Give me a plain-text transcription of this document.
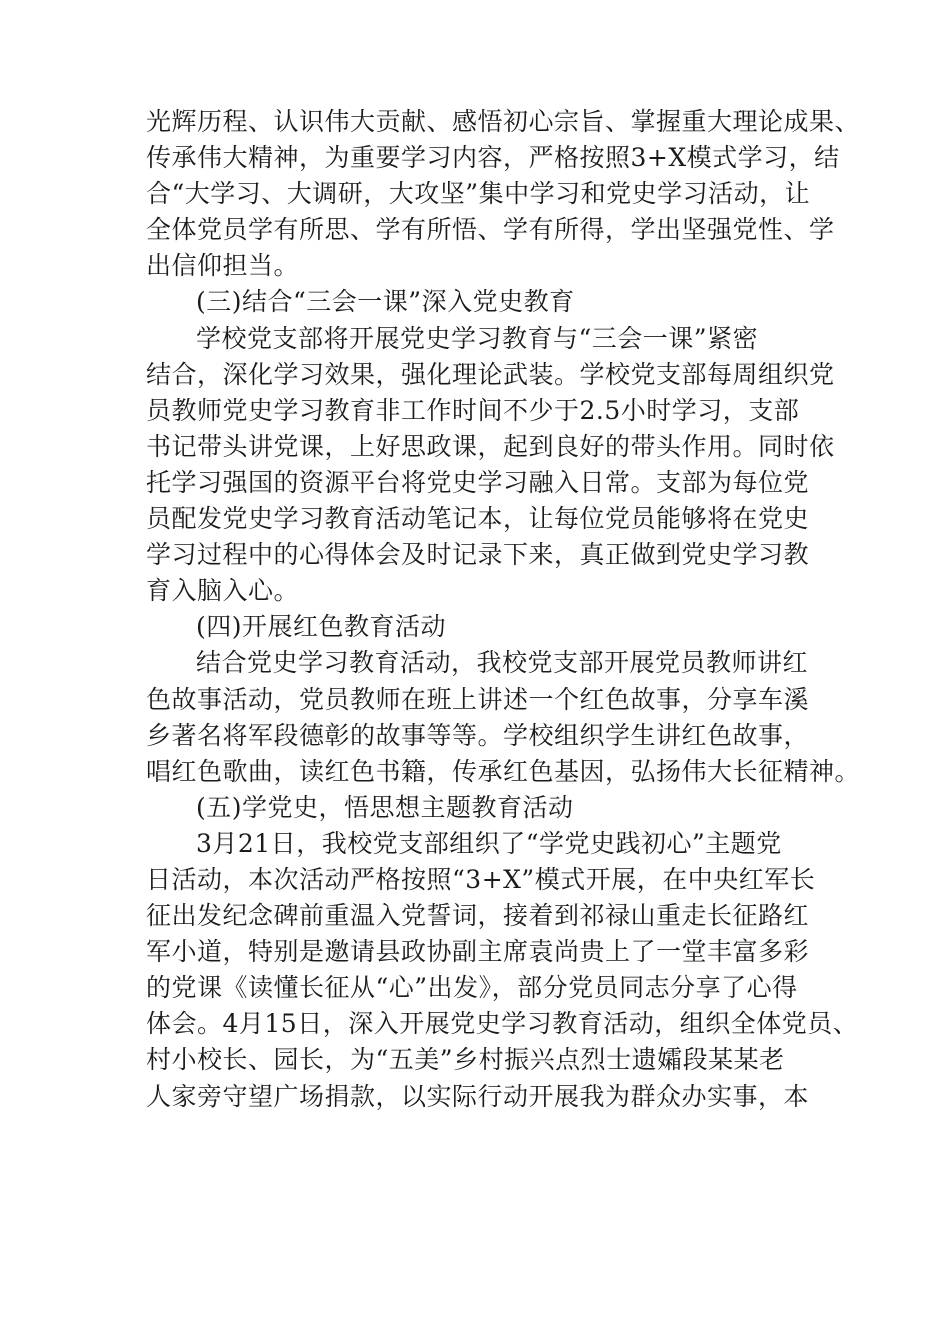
光辉历程、认识伟大贡献、感悟初心宗旨、掌握重大理论成果、
传承伟大精神，为重要学习内容，严格按照3+X模式学习，结
合“大学习、大调研，大攻坚”集中学习和党史学习活动，让
全体党员学有所思、学有所悟、学有所得，学出坚强党性、学
出信仰担当。
(三)结合“三会一课”深入党史教育
学校党支部将开展党史学习教育与“三会一课”紧密
结合，深化学习效果，强化理论武装。学校党支部每周组织党
员教师党史学习教育非工作时间不少于2.5小时学习，支部
书记带头讲党课，上好思政课，起到良好的带头作用。同时依
托学习强国的资源平台将党史学习融入日常。支部为每位党
员配发党史学习教育活动笔记本，让每位党员能够将在党史
学习过程中的心得体会及时记录下来，真正做到党史学习教
育入脑入心。
(四)开展红色教育活动
结合党史学习教育活动，我校党支部开展党员教师讲红
色故事活动，党员教师在班上讲述一个红色故事，分享车溪
乡著名将军段德彰的故事等等。学校组织学生讲红色故事，
唱红色歌曲，读红色书籍，传承红色基因，弘扬伟大长征精神。
(五)学党史，悟思想主题教育活动
3月21日，我校党支部组织了“学党史践初心”主题党
日活动，本次活动严格按照“3+X”模式开展，在中央红军长
征出发纪念碑前重温入党誓词，接着到祁禄山重走长征路红
军小道，特别是邀请县政协副主席袁尚贵上了一堂丰富多彩
的党课《读懂长征从“心”出发》，部分党员同志分享了心得
体会。4月15日，深入开展党史学习教育活动，组织全体党员、
村小校长、园长，为“五美”乡村振兴点烈士遗孀段某某老
人家旁守望广场捐款，以实际行动开展我为群众办实事，本
